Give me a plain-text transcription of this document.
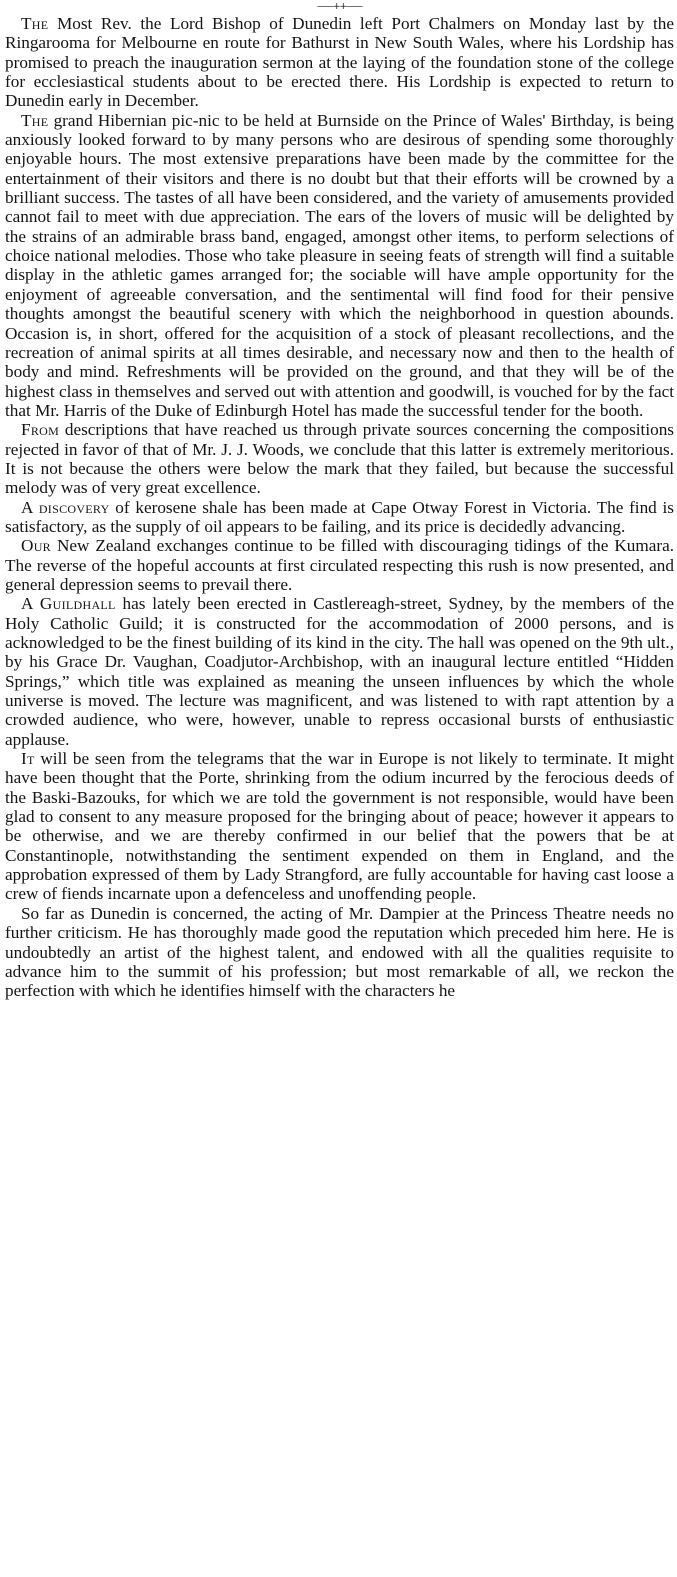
——++——

The Most Rev. the Lord Bishop of Dunedin left Port Chalmers on Monday last by the Ringarooma for Melbourne en route for Bathurst in New South Wales, where his Lordship has promised to preach the inauguration sermon at the laying of the foundation stone of the college for ecclesiastical students about to be erected there. His Lordship is expected to return to Dunedin early in December.

The grand Hibernian pic-nic to be held at Burnside on the Prince of Wales' Birthday, is being anxiously looked forward to by many persons who are desirous of spending some thoroughly enjoyable hours. The most extensive preparations have been made by the committee for the entertainment of their visitors and there is no doubt but that their efforts will be crowned by a brilliant success. The tastes of all have been considered, and the variety of amusements provided cannot fail to meet with due appreciation. The ears of the lovers of music will be delighted by the strains of an admirable brass band, engaged, amongst other items, to perform selections of choice national melodies. Those who take pleasure in seeing feats of strength will find a suitable display in the athletic games arranged for; the sociable will have ample opportunity for the enjoyment of agreeable conversation, and the sentimental will find food for their pensive thoughts amongst the beautiful scenery with which the neighborhood in question abounds. Occasion is, in short, offered for the acquisition of a stock of pleasant recollections, and the recreation of animal spirits at all times desirable, and necessary now and then to the health of body and mind. Refreshments will be provided on the ground, and that they will be of the highest class in themselves and served out with attention and goodwill, is vouched for by the fact that Mr. Harris of the Duke of Edinburgh Hotel has made the successful tender for the booth.

From descriptions that have reached us through private sources concerning the compositions rejected in favor of that of Mr. J. J. Woods, we conclude that this latter is extremely meritorious. It is not because the others were below the mark that they failed, but because the successful melody was of very great excellence.

A discovery of kerosene shale has been made at Cape Otway Forest in Victoria. The find is satisfactory, as the supply of oil appears to be failing, and its price is decidedly advancing.

Our New Zealand exchanges continue to be filled with discouraging tidings of the Kumara. The reverse of the hopeful accounts at first circulated respecting this rush is now presented, and general depression seems to prevail there.

A Guildhall has lately been erected in Castlereagh-street, Sydney, by the members of the Holy Catholic Guild; it is constructed for the accommodation of 2000 persons, and is acknowledged to be the finest building of its kind in the city. The hall was opened on the 9th ult., by his Grace Dr. Vaughan, Coadjutor-Archbishop, with an inaugural lecture entitled “Hidden Springs,” which title was explained as meaning the unseen influences by which the whole universe is moved. The lecture was magnificent, and was listened to with rapt attention by a crowded audience, who were, however, unable to repress occasional bursts of enthusiastic applause.

It will be seen from the telegrams that the war in Europe is not likely to terminate. It might have been thought that the Porte, shrinking from the odium incurred by the ferocious deeds of the Baski-Bazouks, for which we are told the government is not responsible, would have been glad to consent to any measure proposed for the bringing about of peace; however it appears to be otherwise, and we are thereby confirmed in our belief that the powers that be at Constantinople, notwithstanding the sentiment expended on them in England, and the approbation expressed of them by Lady Strangford, are fully accountable for having cast loose a crew of fiends incarnate upon a defenceless and unoffending people.

So far as Dunedin is concerned, the acting of Mr. Dampier at the Princess Theatre needs no further criticism. He has thoroughly made good the reputation which preceded him here. He is undoubtedly an artist of the highest talent, and endowed with all the qualities requisite to advance him to the summit of his profession; but most remarkable of all, we reckon the perfection with which he identifies himself with the characters he
